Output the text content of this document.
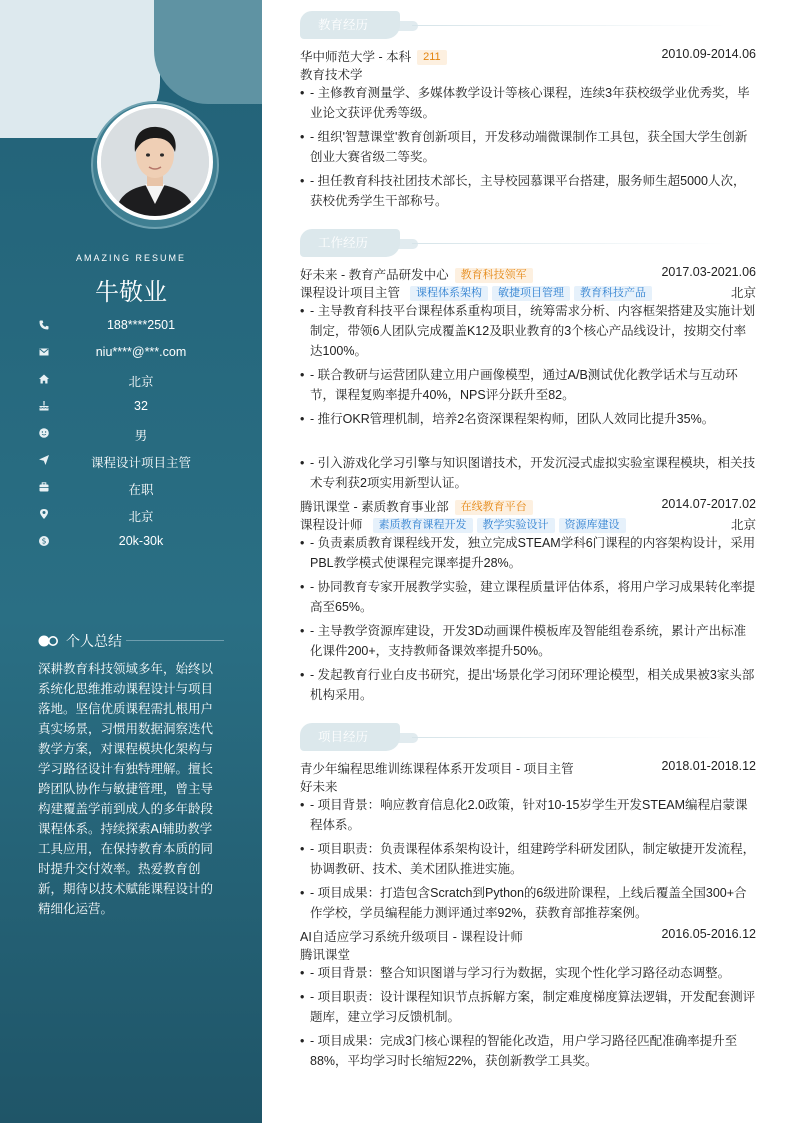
AMAZING RESUME
牛敬业
188****2501
niu****@***.com
北京
32
男
课程设计项目主管
在职
北京
$	20k-30k
个人总结
深耕教育科技领域多年，始终以系统化思维推动课程设计与项目落地。坚信优质课程需扎根用户真实场景，习惯用数据洞察迭代教学方案，对课程模块化架构与学习路径设计有独特理解。擅长跨团队协作与敏捷管理，曾主导构建覆盖学前到成人的多年龄段课程体系。持续探索AI辅助教学工具应用，在保持教育本质的同时提升交付效率。热爱教育创新，期待以技术赋能课程设计的精细化运营。
教育经历
华中师范大学 - 本科 211	2010.09-2014.06
教育技术学
• - 主修教育测量学、多媒体教学设计等核心课程，连续3年获校级学业优秀奖，毕业论文获评优秀等级。
• - 组织'智慧课堂'教育创新项目，开发移动端微课制作工具包，获全国大学生创新创业大赛省级二等奖。
• - 担任教育科技社团技术部长，主导校园慕课平台搭建，服务师生超5000人次，获校优秀学生干部称号。
工作经历
好未来 - 教育产品研发中心 教育科技领军	2017.03-2021.06
课程设计项目主管 课程体系架构 敏捷项目管理 教育科技产品	北京
• - 主导教育科技平台课程体系重构项目，统筹需求分析、内容框架搭建及实施计划制定，带领6人团队完成覆盖K12及职业教育的3个核心产品线设计，按期交付率达100%。
• - 联合教研与运营团队建立用户画像模型，通过A/B测试优化教学话术与互动环节，课程复购率提升40%，NPS评分跃升至82。
• - 推行OKR管理机制，培养2名资深课程架构师，团队人效同比提升35%。
• - 引入游戏化学习引擎与知识图谱技术，开发沉浸式虚拟实验室课程模块，相关技术专利获2项实用新型认证。
腾讯课堂 - 素质教育事业部 在线教育平台	2014.07-2017.02
课程设计师 素质教育课程开发 教学实验设计 资源库建设	北京
• - 负责素质教育课程线开发，独立完成STEAM学科6门课程的内容架构设计，采用PBL教学模式使课程完课率提升28%。
• - 协同教育专家开展教学实验，建立课程质量评估体系，将用户学习成果转化率提高至65%。
• - 主导教学资源库建设，开发3D动画课件模板库及智能组卷系统，累计产出标准化课件200+，支持教师备课效率提升50%。
• - 发起教育行业白皮书研究，提出'场景化学习闭环'理论模型，相关成果被3家头部机构采用。
项目经历
青少年编程思维训练课程体系开发项目 - 项目主管	2018.01-2018.12
好未来
• - 项目背景：响应教育信息化2.0政策，针对10-15岁学生开发STEAM编程启蒙课程体系。
• - 项目职责：负责课程体系架构设计，组建跨学科研发团队，制定敏捷开发流程，协调教研、技术、美术团队推进实施。
• - 项目成果：打造包含Scratch到Python的6级进阶课程，上线后覆盖全国300+合作学校，学员编程能力测评通过率92%，获教育部推荐案例。
AI自适应学习系统升级项目 - 课程设计师	2016.05-2016.12
腾讯课堂
• - 项目背景：整合知识图谱与学习行为数据，实现个性化学习路径动态调整。
• - 项目职责：设计课程知识节点拆解方案，制定难度梯度算法逻辑，开发配套测评题库，建立学习反馈机制。
• - 项目成果：完成3门核心课程的智能化改造，用户学习路径匹配准确率提升至88%，平均学习时长缩短22%，获创新教学工具奖。
